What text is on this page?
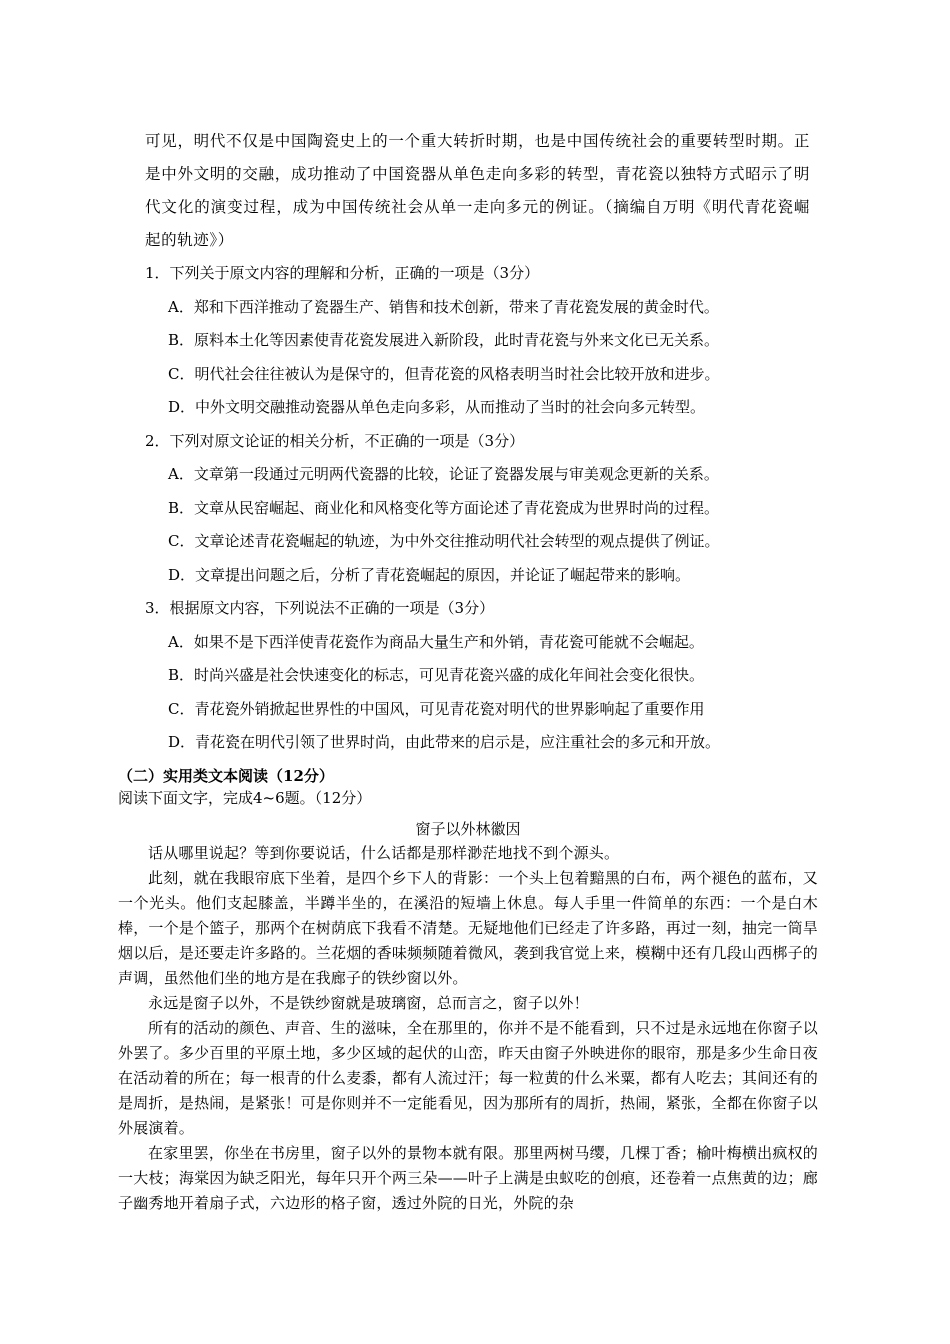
可见，明代不仅是中国陶瓷史上的一个重大转折时期，也是中国传统社会的重要转型时期。正是中外文明的交融，成功推动了中国瓷器从单色走向多彩的转型，青花瓷以独特方式昭示了明代文化的演变过程，成为中国传统社会从单一走向多元的例证。（摘编自万明《明代青花瓷崛起的轨迹》）

1．下列关于原文内容的理解和分析，正确的一项是（3分）

A．郑和下西洋推动了瓷器生产、销售和技术创新，带来了青花瓷发展的黄金时代。

B．原料本土化等因素使青花瓷发展进入新阶段，此时青花瓷与外来文化已无关系。

C．明代社会往往被认为是保守的，但青花瓷的风格表明当时社会比较开放和进步。

D．中外文明交融推动瓷器从单色走向多彩，从而推动了当时的社会向多元转型。

2．下列对原文论证的相关分析，不正确的一项是（3分）

A．文章第一段通过元明两代瓷器的比较，论证了瓷器发展与审美观念更新的关系。

B．文章从民窑崛起、商业化和风格变化等方面论述了青花瓷成为世界时尚的过程。

C．文章论述青花瓷崛起的轨迹，为中外交往推动明代社会转型的观点提供了例证。

D．文章提出问题之后，分析了青花瓷崛起的原因，并论证了崛起带来的影响。

3．根据原文内容，下列说法不正确的一项是（3分）

A．如果不是下西洋使青花瓷作为商品大量生产和外销，青花瓷可能就不会崛起。

B．时尚兴盛是社会快速变化的标志，可见青花瓷兴盛的成化年间社会变化很快。

C．青花瓷外销掀起世界性的中国风，可见青花瓷对明代的世界影响起了重要作用

D．青花瓷在明代引领了世界时尚，由此带来的启示是，应注重社会的多元和开放。

（二）实用类文本阅读（12分）

阅读下面文字，完成4~6题。（12分）

窗子以外林徽因

话从哪里说起？等到你要说话，什么话都是那样渺茫地找不到个源头。

此刻，就在我眼帘底下坐着，是四个乡下人的背影：一个头上包着黯黑的白布，两个褪色的蓝布，又一个光头。他们支起膝盖，半蹲半坐的，在溪沿的短墙上休息。每人手里一件简单的东西：一个是白木棒，一个是个篮子，那两个在树荫底下我看不清楚。无疑地他们已经走了许多路，再过一刻，抽完一筒旱烟以后，是还要走许多路的。兰花烟的香味频频随着微风，袭到我官觉上来，模糊中还有几段山西梆子的声调，虽然他们坐的地方是在我廊子的铁纱窗以外。

永远是窗子以外，不是铁纱窗就是玻璃窗，总而言之，窗子以外！

所有的活动的颜色、声音、生的滋味，全在那里的，你并不是不能看到，只不过是永远地在你窗子以外罢了。多少百里的平原土地，多少区域的起伏的山峦，昨天由窗子外映进你的眼帘，那是多少生命日夜在活动着的所在；每一根青的什么麦黍，都有人流过汗；每一粒黄的什么米粟，都有人吃去；其间还有的是周折，是热闹，是紧张！可是你则并不一定能看见，因为那所有的周折，热闹，紧张，全都在你窗子以外展演着。

在家里罢，你坐在书房里，窗子以外的景物本就有限。那里两树马缨，几棵丁香；榆叶梅横出疯权的一大枝；海棠因为缺乏阳光，每年只开个两三朵——叶子上满是虫蚁吃的创痕，还卷着一点焦黄的边；廊子幽秀地开着扇子式，六边形的格子窗，透过外院的日光，外院的杂
